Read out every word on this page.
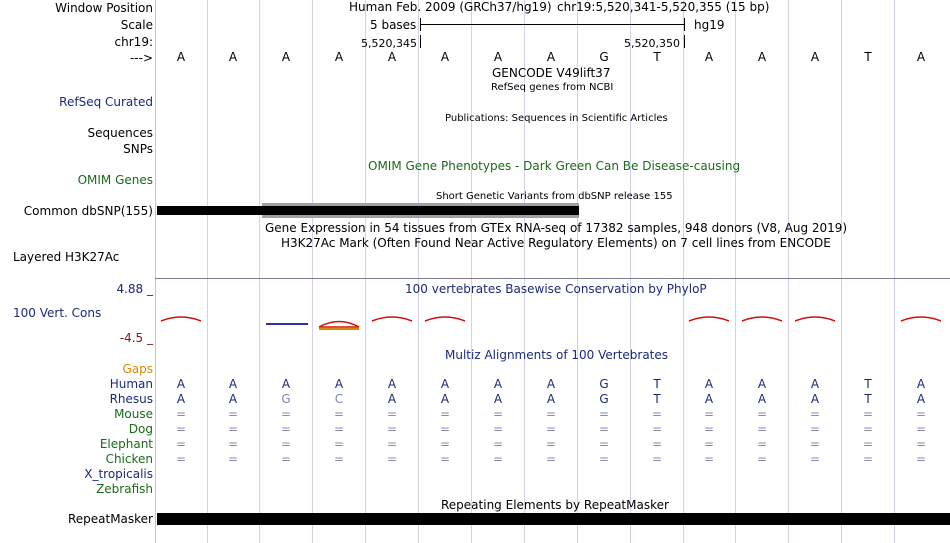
Window Position
Scale
chr19:
--->
RefSeq Curated
Sequences
SNPs
OMIM Genes
Common dbSNP(155)
Layered H3K27Ac
4.88 _
100 Vert. Cons
-4.5 _
RepeatMasker
Human Feb. 2009 (GRCh37/hg19) chr19:5,520,341-5,520,355 (15 bp)
5 bases	hg19
5,520,345	5,520,350
A	A	A	A	A	A	A	A	G	T	A	A	A	T	A
GENCODE V49lift37
RefSeq genes from NCBI
Publications: Sequences in Scientific Articles
OMIM Gene Phenotypes - Dark Green Can Be Disease-causing
Short Genetic Variants from dbSNP release 155
Gene Expression in 54 tissues from GTEx RNA-seq of 17382 samples, 948 donors (V8, Aug 2019)
H3K27Ac Mark (Often Found Near Active Regulatory Elements) on 7 cell lines from ENCODE
100 vertebrates Basewise Conservation by PhyloP
Multiz Alignments of 100 Vertebrates
Gaps
Human	A	A	A	A	A	A	A	A	G	T	A	A	A	T	A
Rhesus	A	A	G	C	A	A	A	A	G	T	A	A	A	T	A
Mouse	=	=	=	=	=	=	=	=	=	=	=	=	=	=	=
Dog	=	=	=	=	=	=	=	=	=	=	=	=	=	=	=
Elephant	=	=	=	=	=	=	=	=	=	=	=	=	=	=	=
Chicken	=	=	=	=	=	=	=	=	=	=	=	=	=	=	=
X_tropicalis
Zebrafish
Repeating Elements by RepeatMasker
